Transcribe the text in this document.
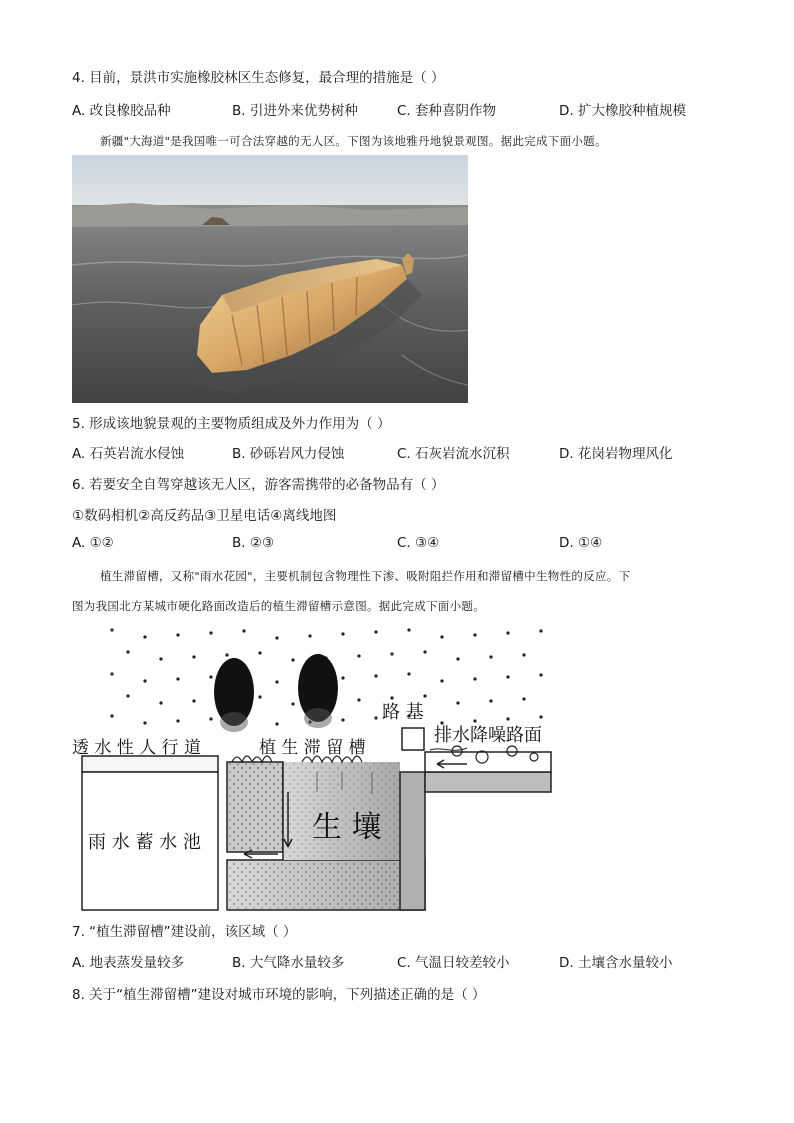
4. 目前，景洪市实施橡胶林区生态修复，最合理的措施是（ ）
A. 改良橡胶品种	B. 引进外来优势树种	C. 套种喜阴作物	D. 扩大橡胶种植规模
新疆"大海道"是我国唯一可合法穿越的无人区。下图为该地雅丹地貌景观图。据此完成下面小题。
5. 形成该地貌景观的主要物质组成及外力作用为（ ）
A. 石英岩流水侵蚀	B. 砂砾岩风力侵蚀	C. 石灰岩流水沉积	D. 花岗岩物理风化
6. 若要安全自驾穿越该无人区，游客需携带的必备物品有（ ）
①数码相机②高反药品③卫星电话④离线地图
A. ①②	B. ②③	C. ③④	D. ①④
植生滞留槽，又称"雨水花园"，主要机制包含物理性下渗、吸附阻拦作用和滞留槽中生物性的反应。下
图为我国北方某城市硬化路面改造后的植生滞留槽示意图。据此完成下面小题。
路 基
透 水 性 人 行 道	植 生 滞 留 槽
排水降噪路面
生 壤
雨 水 蓄 水 池
7. “植生滞留槽”建设前，该区域（ ）
A. 地表蒸发量较多	B. 大气降水量较多	C. 气温日较差较小	D. 土壤含水量较小
8. 关于“植生滞留槽”建设对城市环境的影响，下列描述正确的是（ ）
